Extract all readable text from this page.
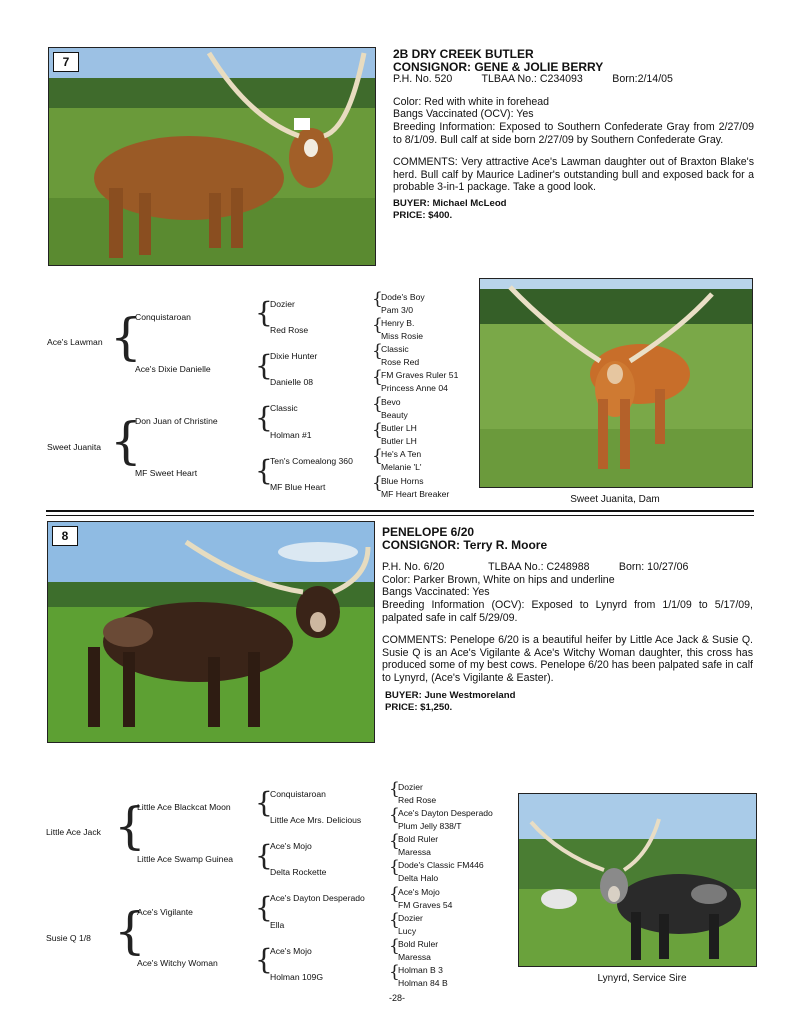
7

2B DRY CREEK BUTLER

CONSIGNOR: GENE & JOLIE BERRY

P.H. No. 520          TLBAA No.: C234093          Born:2/14/05

Color: Red with white in forehead

Bangs Vaccinated (OCV): Yes

Breeding Information: Exposed to Southern Confederate Gray from 2/27/09 to 8/1/09. Bull calf at side born 2/27/09 by Southern Confederate Gray.

COMMENTS: Very attractive Ace's Lawman daughter out of Braxton Blake's herd. Bull calf by Maurice Ladiner's outstanding bull and exposed back for a probable 3-in-1 package. Take a good look.

BUYER: Michael McLeod

PRICE: $400.

Ace's Lawman
Sweet Juanita
{
{
Conquistaroan
Ace's Dixie Danielle
Don Juan of Christine
MF Sweet Heart
{
{
{
{
Dozier
Red Rose
Dixie Hunter
Danielle 08
Classic
Holman #1
Ten's Comealong 360
MF Blue Heart
{
{
{
{
{
{
{
{
Dode's Boy
Pam 3/0
Henry B.
Miss Rosie
Classic
Rose Red
FM Graves Ruler 51
Princess Anne 04
Bevo
Beauty
Butler LH
Butler LH
He's A Ten
Melanie 'L'
Blue Horns
MF Heart Breaker	Sweet Juanita, Dam
8	PENELOPE 6/20

CONSIGNOR: Terry R. Moore

P.H. No. 6/20               TLBAA No.: C248988          Born: 10/27/06

Color: Parker Brown, White on hips and underline

Bangs Vaccinated: Yes

Breeding Information (OCV): Exposed to Lynyrd from 1/1/09 to 5/17/09, palpated safe in calf 5/29/09.

COMMENTS: Penelope 6/20 is a beautiful heifer by Little Ace Jack & Susie Q. Susie Q is an Ace's Vigilante & Ace's Witchy Woman daughter, this cross has produced some of my best cows. Penelope 6/20 has been palpated safe in calf to Lynyrd, (Ace's Vigilante & Easter).

BUYER: June Westmoreland

PRICE: $1,250.

Little Ace Jack
Susie Q 1/8
{
{
Little Ace Blackcat Moon
Little Ace Swamp Guinea
Ace's Vigilante
Ace's Witchy Woman
{
{
{
{
Conquistaroan
Little Ace Mrs. Delicious
Ace's Mojo
Delta Rockette
Ace's Dayton Desperado
Ella
Ace's Mojo
Holman 109G
{
{
{
{
{
{
{
{
Dozier
Red Rose
Ace's Dayton Desperado
Plum Jelly 838/T
Bold Ruler
Maressa
Dode's Classic FM446
Delta Halo
Ace's Mojo
FM Graves 54
Dozier
Lucy
Bold Ruler
Maressa
Holman B 3
Holman 84 B	Lynyrd, Service Sire
-28-
